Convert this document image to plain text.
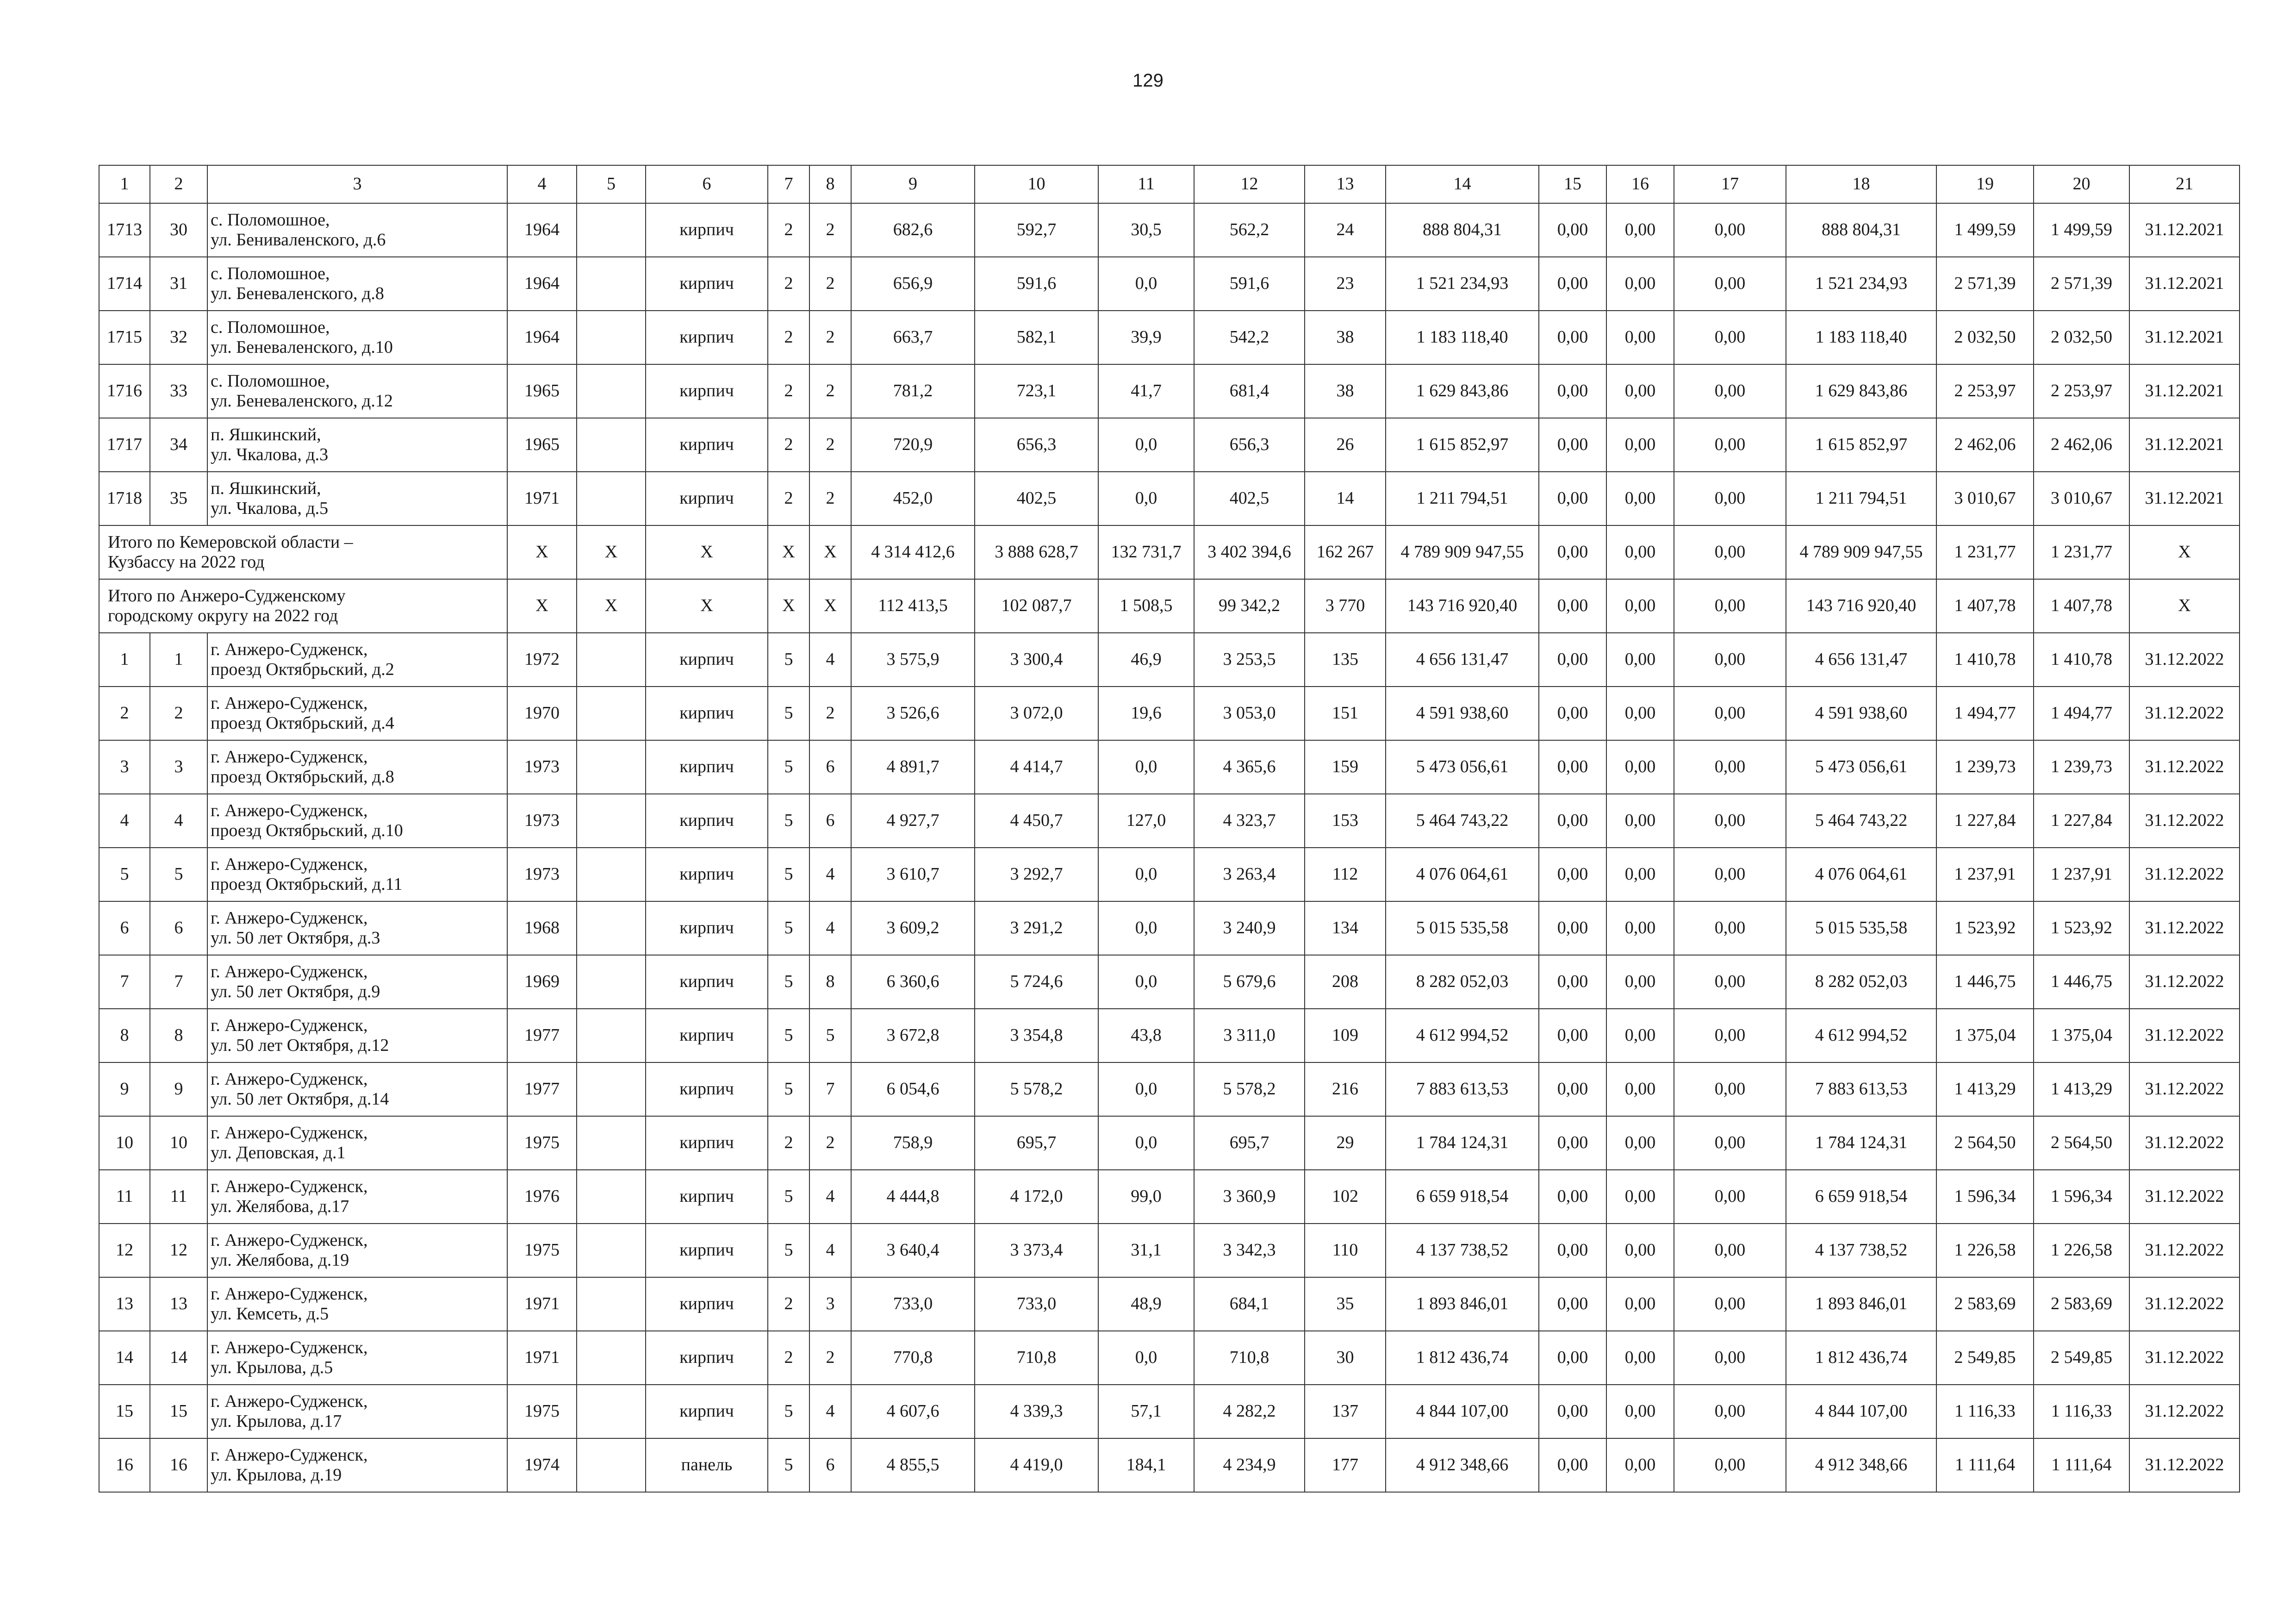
129
1	2	3	4	5	6	7	8	9	10	11	12	13	14	15	16	17	18	19	20	21
1713	30	с. Поломошное,
ул. Бениваленского, д.6	1964		кирпич	2	2	682,6	592,7	30,5	562,2	24	888 804,31	0,00	0,00	0,00	888 804,31	1 499,59	1 499,59	31.12.2021
1714	31	с. Поломошное,
ул. Беневаленского, д.8	1964		кирпич	2	2	656,9	591,6	0,0	591,6	23	1 521 234,93	0,00	0,00	0,00	1 521 234,93	2 571,39	2 571,39	31.12.2021
1715	32	с. Поломошное,
ул. Беневаленского, д.10	1964		кирпич	2	2	663,7	582,1	39,9	542,2	38	1 183 118,40	0,00	0,00	0,00	1 183 118,40	2 032,50	2 032,50	31.12.2021
1716	33	с. Поломошное,
ул. Беневаленского, д.12	1965		кирпич	2	2	781,2	723,1	41,7	681,4	38	1 629 843,86	0,00	0,00	0,00	1 629 843,86	2 253,97	2 253,97	31.12.2021
1717	34	п. Яшкинский,
ул. Чкалова, д.3	1965		кирпич	2	2	720,9	656,3	0,0	656,3	26	1 615 852,97	0,00	0,00	0,00	1 615 852,97	2 462,06	2 462,06	31.12.2021
1718	35	п. Яшкинский,
ул. Чкалова, д.5	1971		кирпич	2	2	452,0	402,5	0,0	402,5	14	1 211 794,51	0,00	0,00	0,00	1 211 794,51	3 010,67	3 010,67	31.12.2021
Итого по Кемеровской области –
Кузбассу на 2022 год			Х	Х	Х	Х	Х	4 314 412,6	3 888 628,7	132 731,7	3 402 394,6	162 267	4 789 909 947,55	0,00	0,00	0,00	4 789 909 947,55	1 231,77	1 231,77	Х
Итого по Анжеро-Судженскому
городскому округу на 2022 год			Х	Х	Х	Х	Х	112 413,5	102 087,7	1 508,5	99 342,2	3 770	143 716 920,40	0,00	0,00	0,00	143 716 920,40	1 407,78	1 407,78	Х
1	1	г. Анжеро-Судженск,
проезд Октябрьский, д.2	1972		кирпич	5	4	3 575,9	3 300,4	46,9	3 253,5	135	4 656 131,47	0,00	0,00	0,00	4 656 131,47	1 410,78	1 410,78	31.12.2022
2	2	г. Анжеро-Судженск,
проезд Октябрьский, д.4	1970		кирпич	5	2	3 526,6	3 072,0	19,6	3 053,0	151	4 591 938,60	0,00	0,00	0,00	4 591 938,60	1 494,77	1 494,77	31.12.2022
3	3	г. Анжеро-Судженск,
проезд Октябрьский, д.8	1973		кирпич	5	6	4 891,7	4 414,7	0,0	4 365,6	159	5 473 056,61	0,00	0,00	0,00	5 473 056,61	1 239,73	1 239,73	31.12.2022
4	4	г. Анжеро-Судженск,
проезд Октябрьский, д.10	1973		кирпич	5	6	4 927,7	4 450,7	127,0	4 323,7	153	5 464 743,22	0,00	0,00	0,00	5 464 743,22	1 227,84	1 227,84	31.12.2022
5	5	г. Анжеро-Судженск,
проезд Октябрьский, д.11	1973		кирпич	5	4	3 610,7	3 292,7	0,0	3 263,4	112	4 076 064,61	0,00	0,00	0,00	4 076 064,61	1 237,91	1 237,91	31.12.2022
6	6	г. Анжеро-Судженск,
ул. 50 лет Октября, д.3	1968		кирпич	5	4	3 609,2	3 291,2	0,0	3 240,9	134	5 015 535,58	0,00	0,00	0,00	5 015 535,58	1 523,92	1 523,92	31.12.2022
7	7	г. Анжеро-Судженск,
ул. 50 лет Октября, д.9	1969		кирпич	5	8	6 360,6	5 724,6	0,0	5 679,6	208	8 282 052,03	0,00	0,00	0,00	8 282 052,03	1 446,75	1 446,75	31.12.2022
8	8	г. Анжеро-Судженск,
ул. 50 лет Октября, д.12	1977		кирпич	5	5	3 672,8	3 354,8	43,8	3 311,0	109	4 612 994,52	0,00	0,00	0,00	4 612 994,52	1 375,04	1 375,04	31.12.2022
9	9	г. Анжеро-Судженск,
ул. 50 лет Октября, д.14	1977		кирпич	5	7	6 054,6	5 578,2	0,0	5 578,2	216	7 883 613,53	0,00	0,00	0,00	7 883 613,53	1 413,29	1 413,29	31.12.2022
10	10	г. Анжеро-Судженск,
ул. Деповская, д.1	1975		кирпич	2	2	758,9	695,7	0,0	695,7	29	1 784 124,31	0,00	0,00	0,00	1 784 124,31	2 564,50	2 564,50	31.12.2022
11	11	г. Анжеро-Судженск,
ул. Желябова, д.17	1976		кирпич	5	4	4 444,8	4 172,0	99,0	3 360,9	102	6 659 918,54	0,00	0,00	0,00	6 659 918,54	1 596,34	1 596,34	31.12.2022
12	12	г. Анжеро-Судженск,
ул. Желябова, д.19	1975		кирпич	5	4	3 640,4	3 373,4	31,1	3 342,3	110	4 137 738,52	0,00	0,00	0,00	4 137 738,52	1 226,58	1 226,58	31.12.2022
13	13	г. Анжеро-Судженск,
ул. Кемсеть, д.5	1971		кирпич	2	3	733,0	733,0	48,9	684,1	35	1 893 846,01	0,00	0,00	0,00	1 893 846,01	2 583,69	2 583,69	31.12.2022
14	14	г. Анжеро-Судженск,
ул. Крылова, д.5	1971		кирпич	2	2	770,8	710,8	0,0	710,8	30	1 812 436,74	0,00	0,00	0,00	1 812 436,74	2 549,85	2 549,85	31.12.2022
15	15	г. Анжеро-Судженск,
ул. Крылова, д.17	1975		кирпич	5	4	4 607,6	4 339,3	57,1	4 282,2	137	4 844 107,00	0,00	0,00	0,00	4 844 107,00	1 116,33	1 116,33	31.12.2022
16	16	г. Анжеро-Судженск,
ул. Крылова, д.19	1974		панель	5	6	4 855,5	4 419,0	184,1	4 234,9	177	4 912 348,66	0,00	0,00	0,00	4 912 348,66	1 111,64	1 111,64	31.12.2022
